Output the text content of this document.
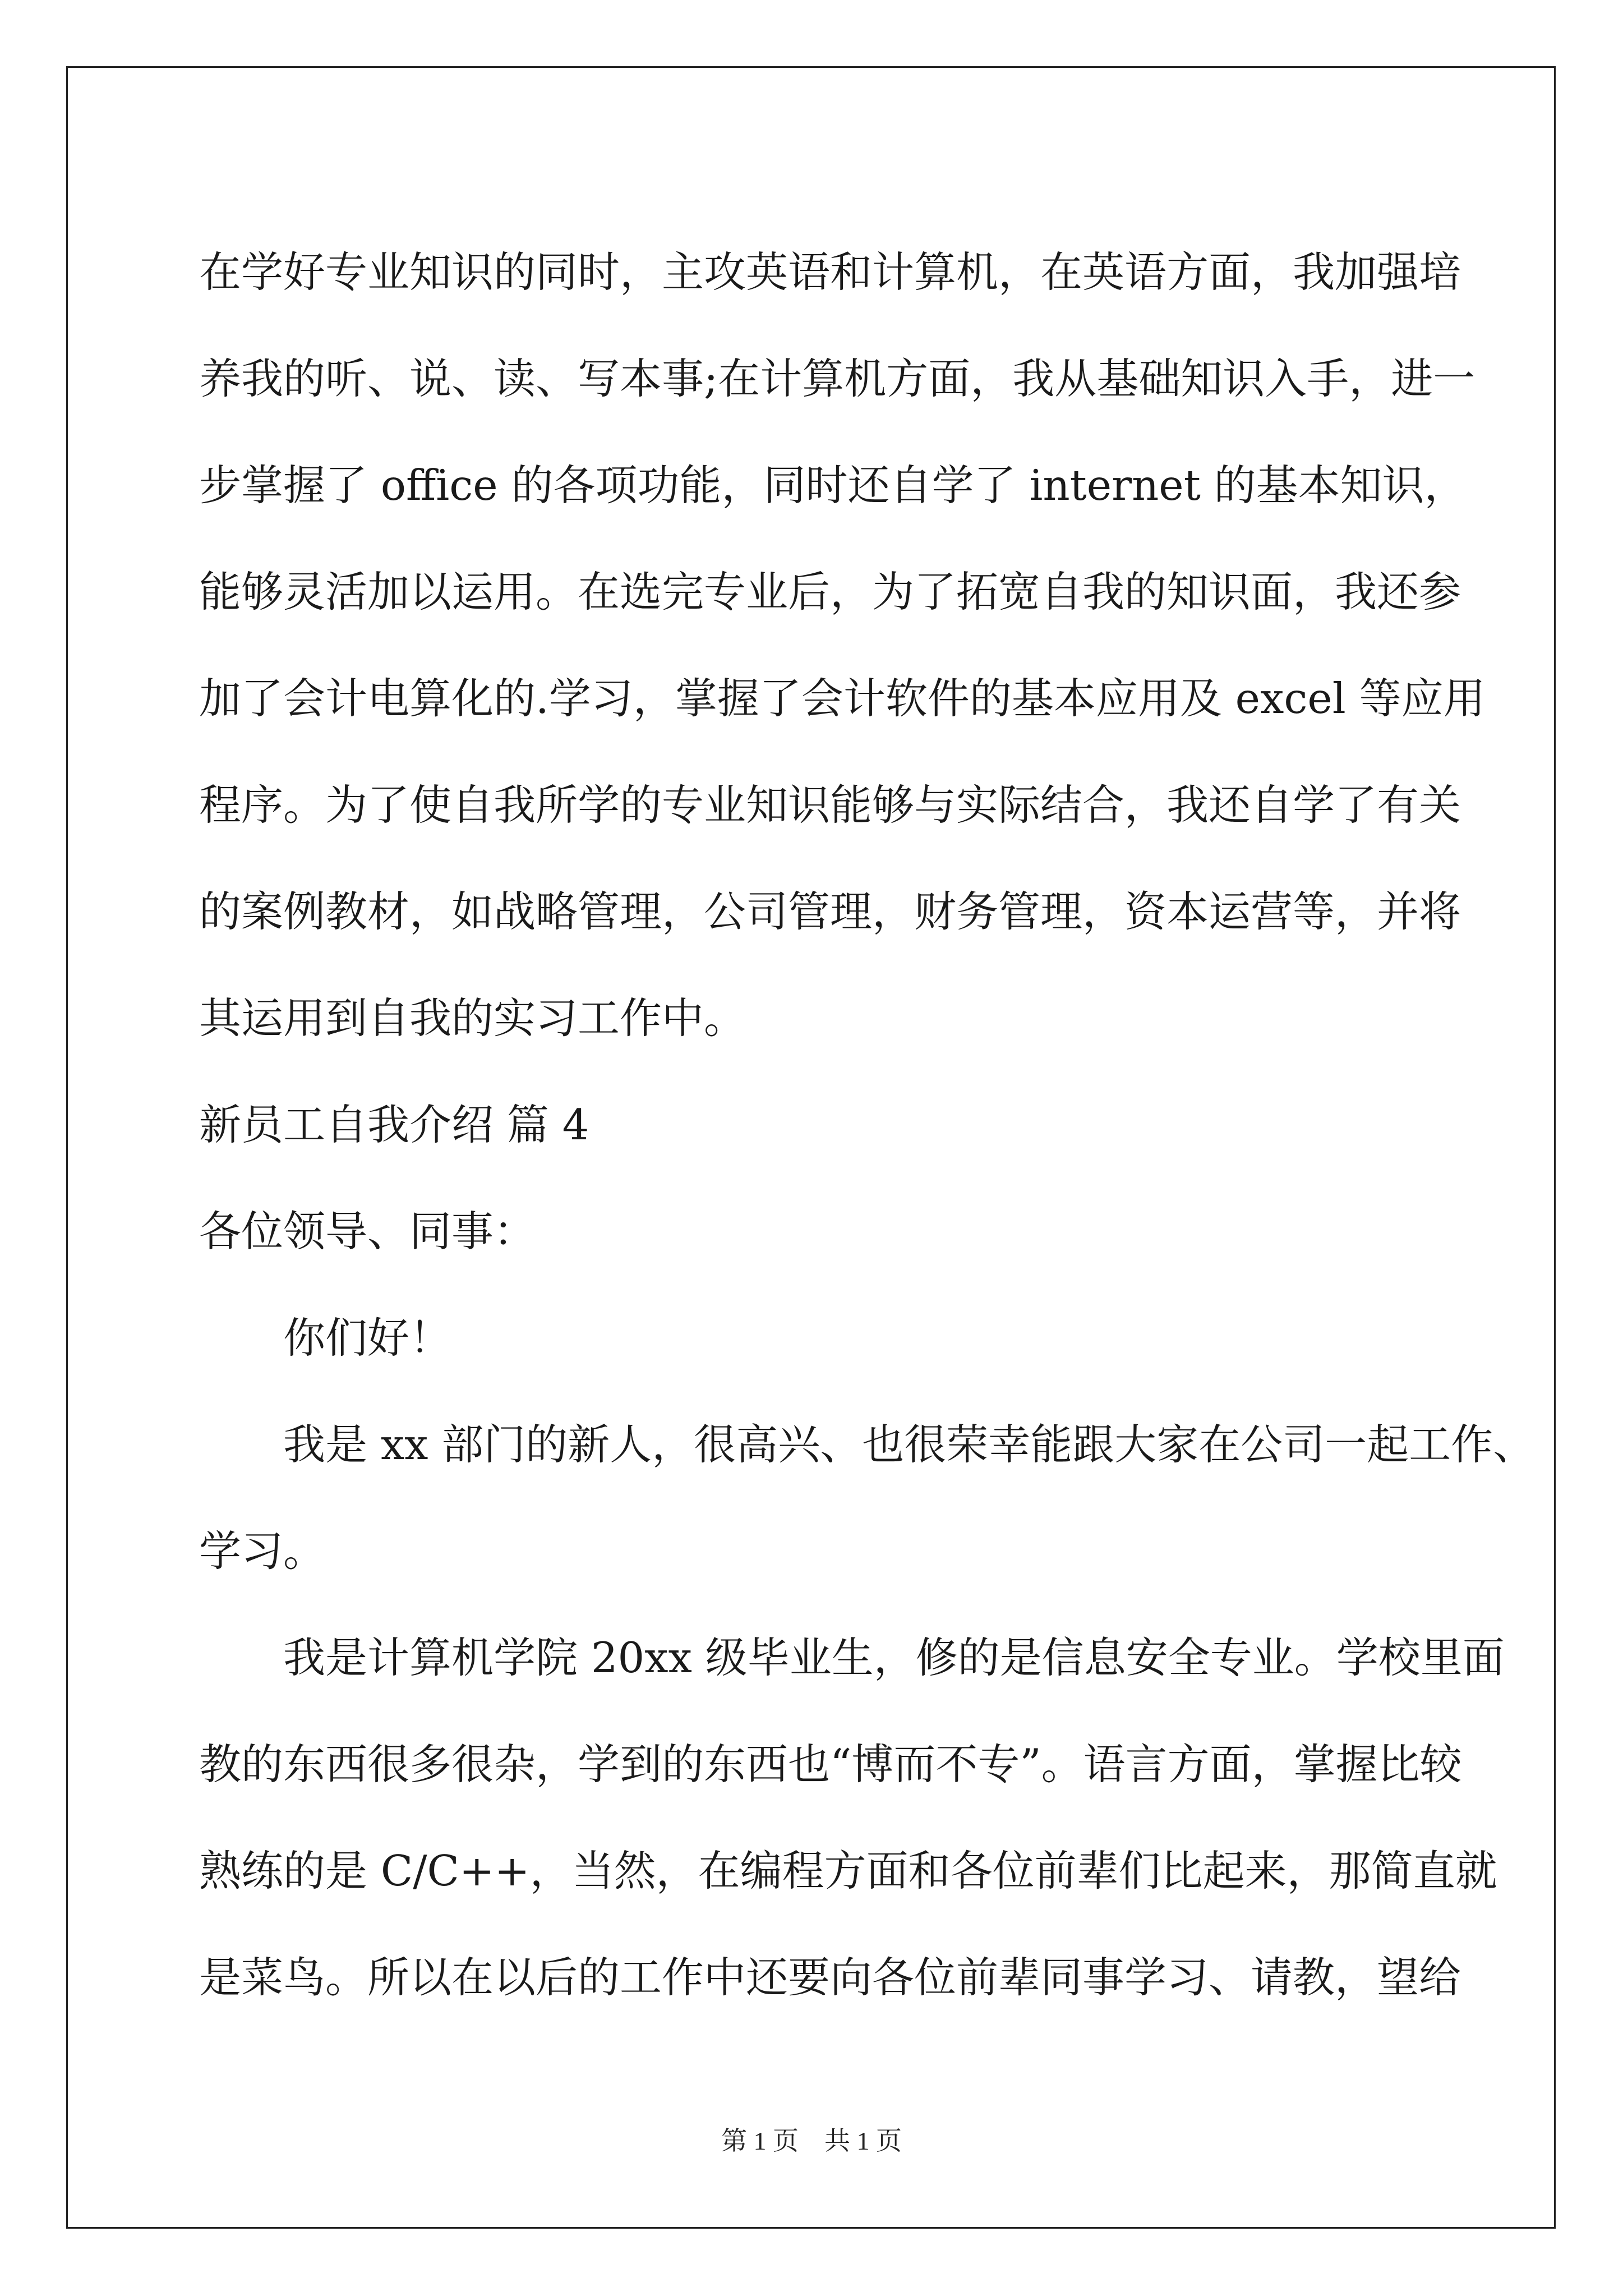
在学好专业知识的同时，主攻英语和计算机，在英语方面，我加强培

养我的听、说、读、写本事;在计算机方面，我从基础知识入手，进一

步掌握了 office 的各项功能，同时还自学了 internet 的基本知识，

能够灵活加以运用。在选完专业后，为了拓宽自我的知识面，我还参

加了会计电算化的.学习，掌握了会计软件的基本应用及 excel 等应用

程序。为了使自我所学的专业知识能够与实际结合，我还自学了有关

的案例教材，如战略管理，公司管理，财务管理，资本运营等，并将

其运用到自我的实习工作中。

新员工自我介绍 篇 4

各位领导、同事：

你们好！

我是 xx 部门的新人，很高兴、也很荣幸能跟大家在公司一起工作、

学习。

我是计算机学院 20xx 级毕业生，修的是信息安全专业。学校里面

教的东西很多很杂，学到的东西也“博而不专”。语言方面，掌握比较

熟练的是 C/C++，当然，在编程方面和各位前辈们比起来，那简直就

是菜鸟。所以在以后的工作中还要向各位前辈同事学习、请教，望给

第 1 页　共 1 页
